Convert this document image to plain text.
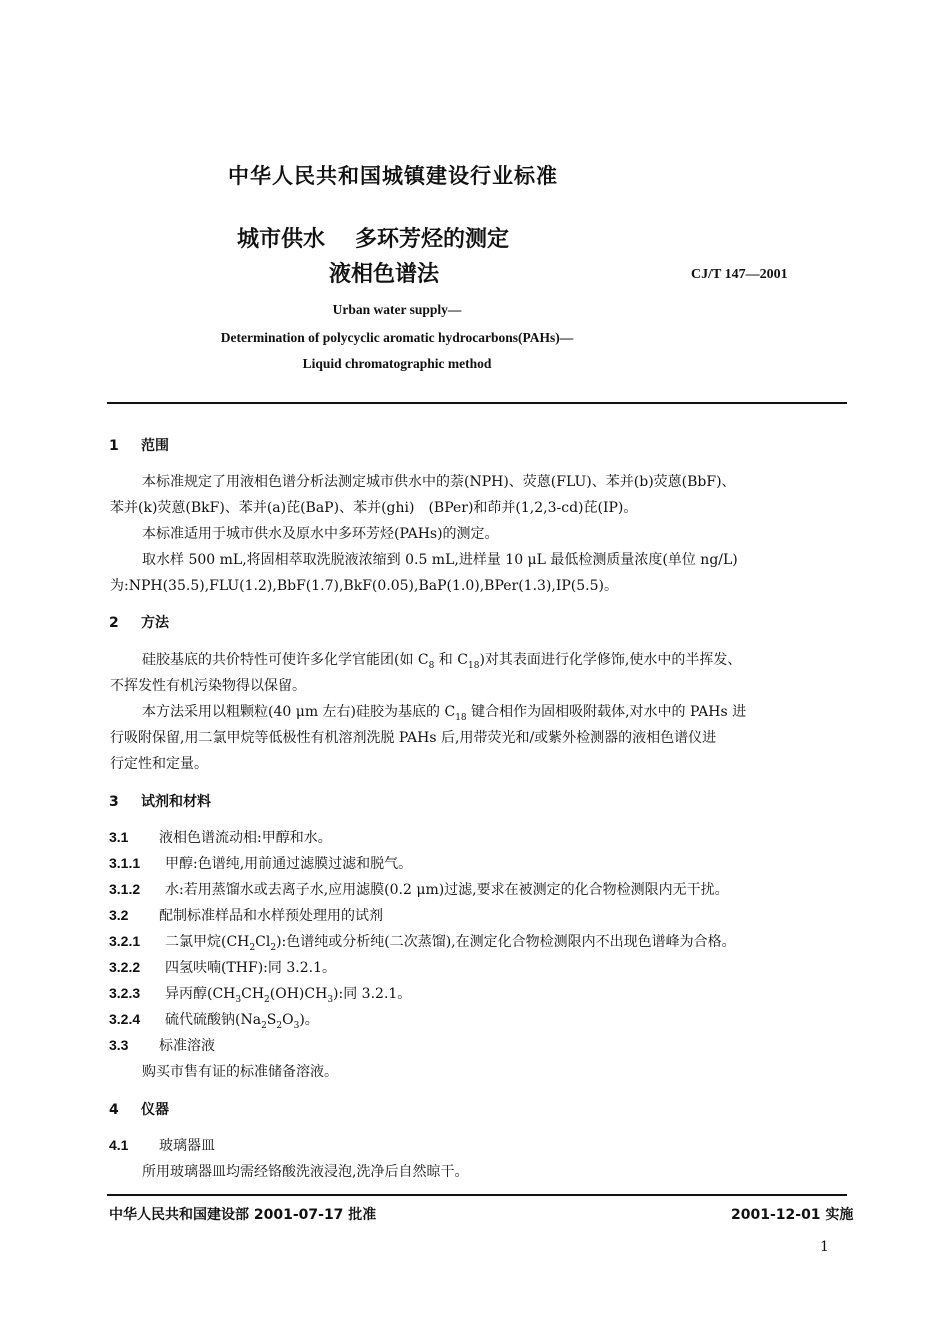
中华人民共和国城镇建设行业标准
城市供水 多环芳烃的测定
液相色谱法	CJ/T 147—2001
Urban water supply—
Determination of polycyclic aromatic hydrocarbons(PAHs)—
Liquid chromatographic method
1 范围
本标准规定了用液相色谱分析法测定城市供水中的萘(NPH)、荧蒽(FLU)、苯并(b)荧蒽(BbF)、
苯并(k)荧蒽(BkF)、苯并(a)芘(BaP)、苯并(ghi)　(BPer)和茚并(1,2,3-cd)芘(IP)。
本标准适用于城市供水及原水中多环芳烃(PAHs)的测定。
取水样 500 mL,将固相萃取洗脱液浓缩到 0.5 mL,进样量 10 μL 最低检测质量浓度(单位 ng/L)
为:NPH(35.5),FLU(1.2),BbF(1.7),BkF(0.05),BaP(1.0),BPer(1.3),IP(5.5)。
2 方法
硅胶基底的共价特性可使许多化学官能团(如 $C_8$ 和 $C_{18}$)对其表面进行化学修饰,使水中的半挥发、
不挥发性有机污染物得以保留。
本方法采用以粗颗粒(40 μm 左右)硅胶为基底的 $C_{18}$ 键合相作为固相吸附载体,对水中的 PAHs 进
行吸附保留,用二氯甲烷等低极性有机溶剂洗脱 PAHs 后,用带荧光和/或紫外检测器的液相色谱仪进
行定性和定量。
3 试剂和材料
3.1 液相色谱流动相:甲醇和水。
3.1.1 甲醇:色谱纯,用前通过滤膜过滤和脱气。
3.1.2 水:若用蒸馏水或去离子水,应用滤膜(0.2 μm)过滤,要求在被测定的化合物检测限内无干扰。
3.2 配制标准样品和水样预处理用的试剂
3.2.1 二氯甲烷$(CH_2Cl_2)$:色谱纯或分析纯(二次蒸馏),在测定化合物检测限内不出现色谱峰为合格。
3.2.2 四氢呋喃(THF):同 3.2.1。
3.2.3 异丙醇$(CH_3CH_2(OH)CH_3)$:同 3.2.1。
3.2.4 硫代硫酸钠$(Na_2S_2O_3)$。
3.3 标准溶液
购买市售有证的标准储备溶液。
4 仪器
4.1 玻璃器皿
所用玻璃器皿均需经铬酸洗液浸泡,洗净后自然晾干。
中华人民共和国建设部 2001-07-17 批准	2001-12-01 实施
1
